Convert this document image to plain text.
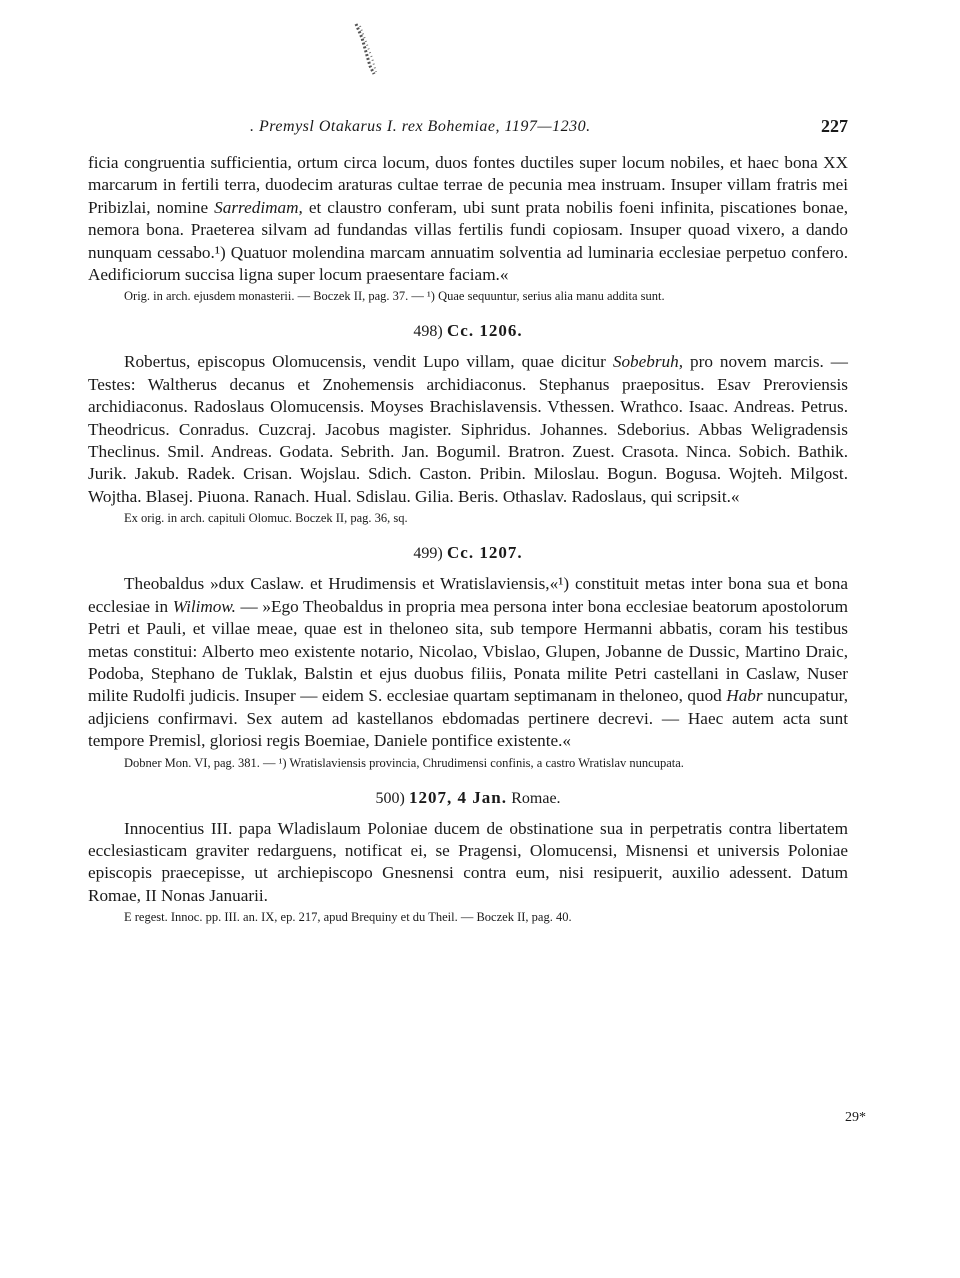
. Premysl Otakarus I. rex Bohemiae, 1197—1230.	227

ficia congruentia sufficientia, ortum circa locum, duos fontes ductiles super locum nobiles, et haec bona XX marcarum in fertili terra, duodecim araturas cultae terrae de pecunia mea instruam. Insuper villam fratris mei Pribizlai, nomine Sarredimam, et claustro conferam, ubi sunt prata nobilis foeni infinita, piscationes bonae, nemora bona. Praeterea silvam ad fundandas villas fertilis fundi copiosam. Insuper quoad vixero, a dando nunquam cessabo.¹) Quatuor molendina marcam annuatim solventia ad luminaria ecclesiae perpetuo confero. Aedificiorum succisa ligna super locum praesentare faciam.«

Orig. in arch. ejusdem monasterii. — Boczek II, pag. 37. — ¹) Quae sequuntur, serius alia manu addita sunt.

498) Cc. 1206.

Robertus, episcopus Olomucensis, vendit Lupo villam, quae dicitur Sobebruh, pro novem marcis. — Testes: Waltherus decanus et Znohemensis archidiaconus. Stephanus praepositus. Esav Preroviensis archidiaconus. Radoslaus Olomucensis. Moyses Brachislavensis. Vthessen. Wrathco. Isaac. Andreas. Petrus. Theodricus. Conradus. Cuzcraj. Jacobus magister. Siphridus. Johannes. Sdeborius. Abbas Weligradensis Theclinus. Smil. Andreas. Godata. Sebrith. Jan. Bogumil. Bratron. Zuest. Crasota. Ninca. Sobich. Bathik. Jurik. Jakub. Radek. Crisan. Wojslau. Sdich. Caston. Pribin. Miloslau. Bogun. Bogusa. Wojteh. Milgost. Wojtha. Blasej. Piuona. Ranach. Hual. Sdislau. Gilia. Beris. Othaslav. Radoslaus, qui scripsit.«

Ex orig. in arch. capituli Olomuc. Boczek II, pag. 36, sq.

499) Cc. 1207.

Theobaldus »dux Caslaw. et Hrudimensis et Wratislaviensis,«¹) constituit metas inter bona sua et bona ecclesiae in Wilimow. — »Ego Theobaldus in propria mea persona inter bona ecclesiae beatorum apostolorum Petri et Pauli, et villae meae, quae est in theloneo sita, sub tempore Hermanni abbatis, coram his testibus metas constitui: Alberto meo existente notario, Nicolao, Vbislao, Glupen, Jobanne de Dussic, Martino Draic, Podoba, Stephano de Tuklak, Balstin et ejus duobus filiis, Ponata milite Petri castellani in Caslaw, Nuser milite Rudolfi judicis. Insuper — eidem S. ecclesiae quartam septimanam in theloneo, quod Habr nuncupatur, adjiciens confirmavi. Sex autem ad kastellanos ebdomadas pertinere decrevi. — Haec autem acta sunt tempore Premisl, gloriosi regis Boemiae, Daniele pontifice existente.«

Dobner Mon. VI, pag. 381. — ¹) Wratislaviensis provincia, Chrudimensi confinis, a castro Wratislav nuncupata.

500) 1207, 4 Jan. Romae.

Innocentius III. papa Wladislaum Poloniae ducem de obstinatione sua in perpetratis contra libertatem ecclesiasticam graviter redarguens, notificat ei, se Pragensi, Olomucensi, Misnensi et universis Poloniae episcopis praecepisse, ut archiepiscopo Gnesnensi contra eum, nisi resipuerit, auxilio adessent. Datum Romae, II Nonas Januarii.

E regest. Innoc. pp. III. an. IX, ep. 217, apud Brequiny et du Theil. — Boczek II, pag. 40.

29*
